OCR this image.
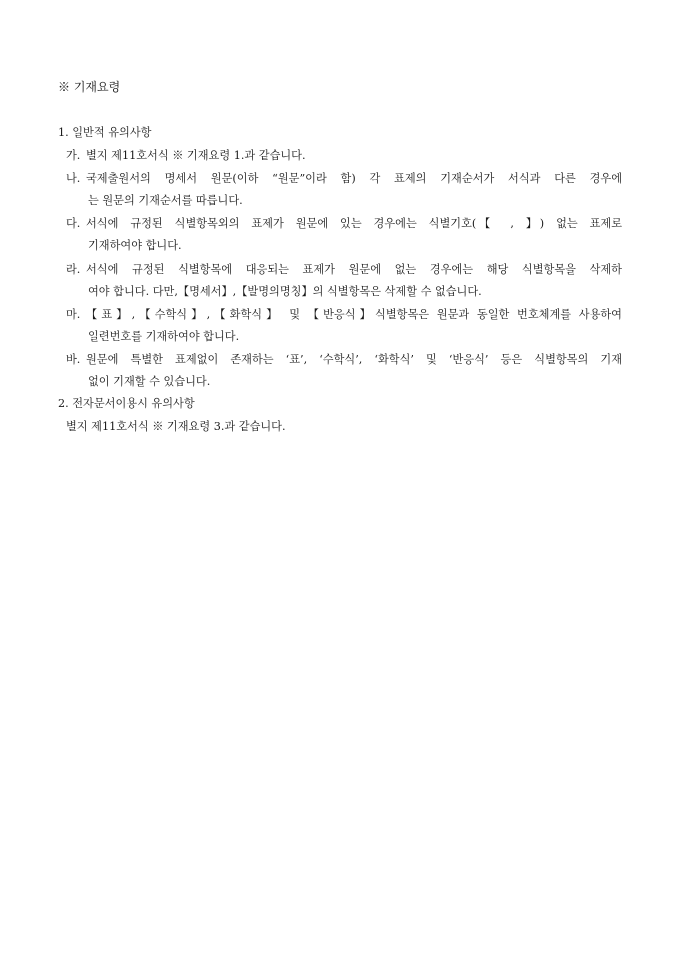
※ 기재요령
1. 일반적 유의사항
가. 별지 제11호서식 ※ 기재요령 1.과 같습니다.
나. 국제출원서의 명세서 원문(이하 “원문”이라 함) 각 표제의 기재순서가 서식과 다른 경우에
는 원문의 기재순서를 따릅니다.
다. 서식에 규정된 식별항목외의 표제가 원문에 있는 경우에는 식별기호(【 , 】) 없는 표제로
기재하여야 합니다.
라. 서식에 규정된 식별항목에 대응되는 표제가 원문에 없는 경우에는 해당 식별항목을 삭제하
여야 합니다. 다만,【명세서】,【발명의명칭】의 식별항목은 삭제할 수 없습니다.
마. 【표】,【수학식】,【화학식】 및 【반응식】식별항목은 원문과 동일한 번호체계를 사용하여
일련번호를 기재하여야 합니다.
바. 원문에 특별한 표제없이 존재하는 ‘표’, ‘수학식’, ‘화학식’ 및 ‘반응식’ 등은 식별항목의 기재
없이 기재할 수 있습니다.
2. 전자문서이용시 유의사항
별지 제11호서식 ※ 기재요령 3.과 같습니다.
